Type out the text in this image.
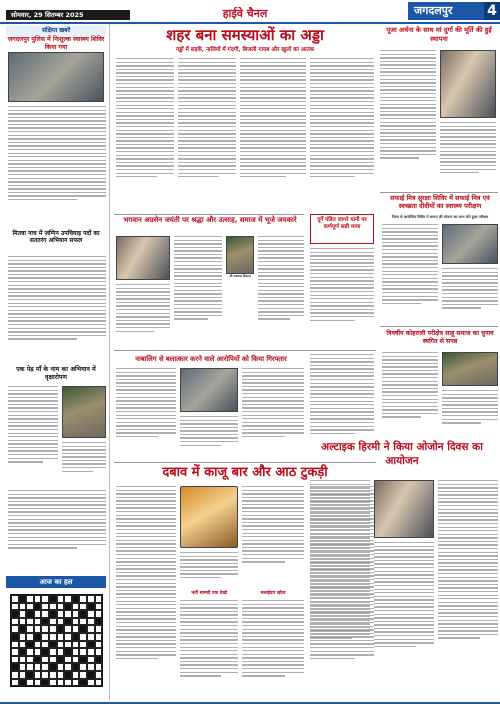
सोमवार, 29 सितम्बर 2025	हाईवे चैनल	जगदलपुर	4
संक्षिप्त खबरें
जगदलपुर पुलिस में निःशुल्क स्वास्थ्य शिविर किया गया
मितवा नाच में जग्गिन उपचियाइ पदों का सततरंग अभियान सफल
एक पेड़ माँ के नाम का अभियान में वृक्षारोपण
आज का हल
शहर बना समस्याओं का अड्डा
गड्ढों में सड़कें, नालियों में गंदगी, बिजली गायब और खुलों का आतंक
भगवान अग्रसेन जयंती पर श्रद्धा और उत्साह, समाज में भूजे जयकारे
श्री अग्रवाल विकास
दूर्गे पंडित जागरे यांनी पर कर्णपूर्ण सन्नी माया
नाबालिग से बलात्कार करने वाले आरोपियों को किया गिरफ्तार
दबाव में काजू बार और आठ टुकड़ी
भर्ती सामग्री एक देखो	मलाईदार खोज
पूजा अर्चना के साथ मां दुर्गा की मूर्ति की हुई स्थापना
सफाई मित्र सुरक्षा शिविर में सफाई मित्र एवं स्वच्छता दीदीयों का स्वास्थ्य परीक्षण
नियम से आयोजित शिविर में शासन की योजना का लाभ दोने हुआ परीक्षण
त्रिवर्षीय कोहराली परीक्षेत्र साहू समाज का चुनाव स्थगित से सपन्न
अल्टाइक हिरमी ने किया ओजोन दिवस का आयोजन
